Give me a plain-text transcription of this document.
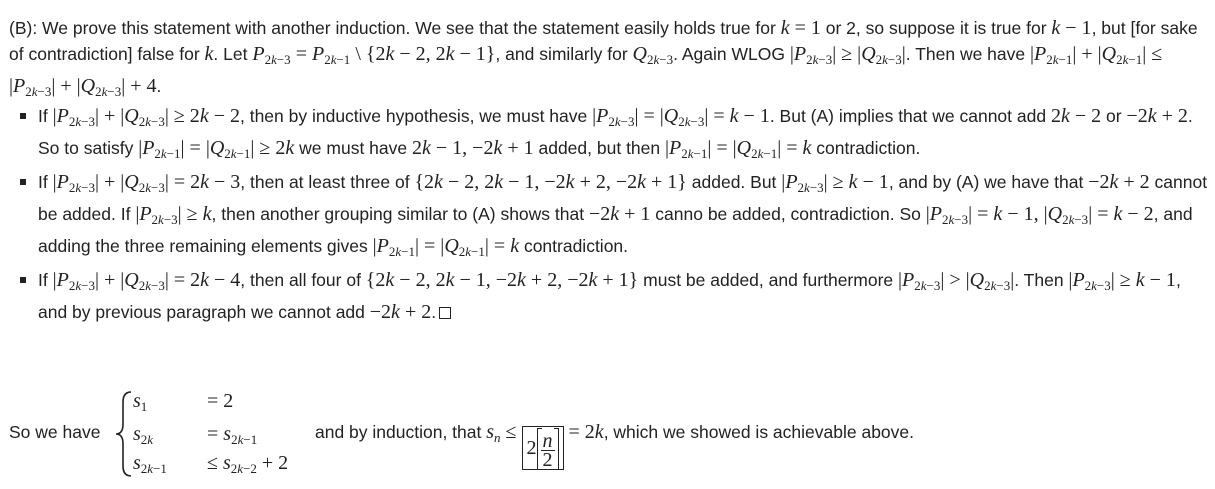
(B): We prove this statement with another induction. We see that the statement easily holds true for k = 1 or 2, so suppose it is true for k − 1, but [for sake of contradiction] false for k. Let $P_{2k-3} = P_{2k-1}$ \ {2k − 2, 2k − 1}, and similarly for $Q_{2k-3}$. Again WLOG $|P_{2k-3}| \ge |Q_{2k-3}|$. Then we have $|P_{2k-1}| + |Q_{2k-1}| \le |P_{2k-3}| + |Q_{2k-3}| + 4$.
If $|P_{2k-3}| + |Q_{2k-3}| \ge 2k - 2$, then by inductive hypothesis, we must have $|P_{2k-3}| = |Q_{2k-3}| = k - 1$. But (A) implies that we cannot add 2k − 2 or −2k + 2. So to satisfy $|P_{2k-1}| = |Q_{2k-1}| \ge 2k$ we must have 2k − 1, −2k + 1 added, but then $|P_{2k-1}| = |Q_{2k-1}| = k$ contradiction.
If $|P_{2k-3}| + |Q_{2k-3}| = 2k - 3$, then at least three of {2k − 2, 2k − 1, −2k + 2, −2k + 1} added. But $|P_{2k-3}| \ge k - 1$, and by (A) we have that −2k + 2 cannot be added. If $|P_{2k-3}| \ge k$, then another grouping similar to (A) shows that −2k + 1 canno be added, contradiction. So $|P_{2k-3}| = k - 1$, $|Q_{2k-3}| = k - 2$, and adding the three remaining elements gives $|P_{2k-1}| = |Q_{2k-1}| = k$ contradiction.
If $|P_{2k-3}| + |Q_{2k-3}| = 2k - 4$, then all four of {2k − 2, 2k − 1, −2k + 2, −2k + 1} must be added, and furthermore $|P_{2k-3}| > |Q_{2k-3}|$. Then $|P_{2k-3}| \ge k - 1$, and by previous paragraph we cannot add −2k + 2.
So we have
$s_1$	= 2
$s_{2k}$	= $s_{2k-1}$
$s_{2k-1} \le s_{2k-2} + 2$
and by induction, that $s_n \le 2 \frac{n}{2}$
= 2k, which we showed is achievable above.
